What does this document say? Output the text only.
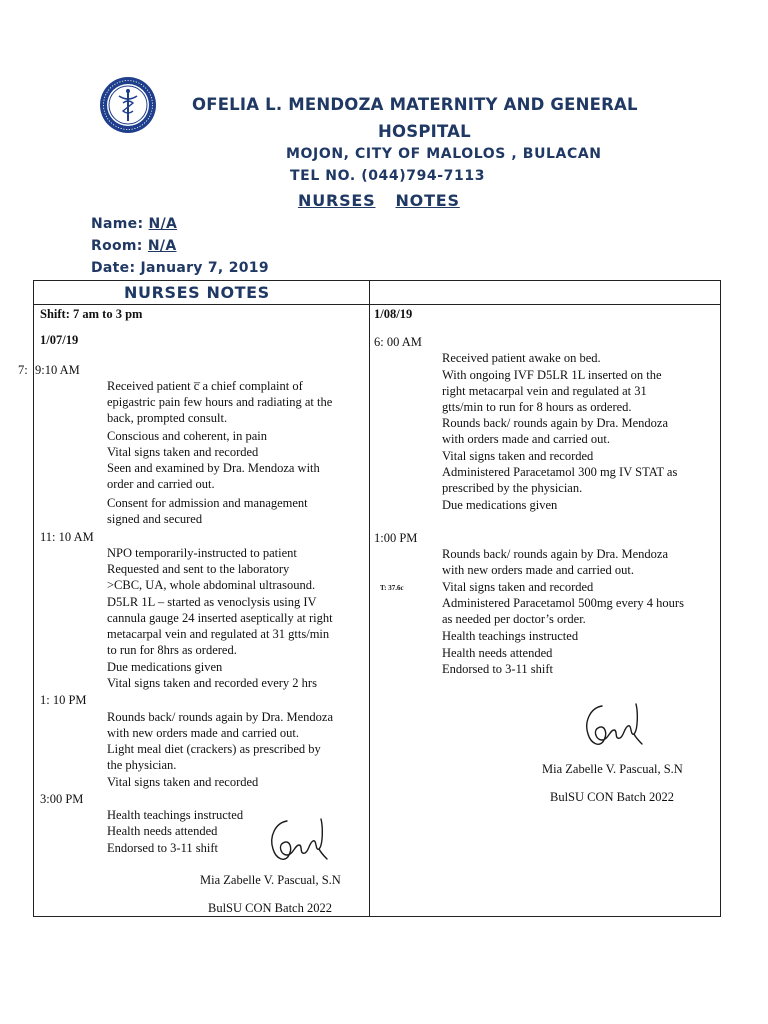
OFELIA L. MENDOZA MATERNITY AND GENERAL
HOSPITAL
MOJON, CITY OF MALOLOS , BULACAN
TEL NO. (044)794-7113
NURSES NOTES
Name: N/A
Room: N/A
Date: January 7, 2019
NURSES NOTES
Shift: 7 am to 3 pm
1/07/19
7: 9:10 AM
Received patient c̅ a chief complaint of
epigastric pain few hours and radiating at the
back, prompted consult.
Conscious and coherent, in pain
Vital signs taken and recorded
Seen and examined by Dra. Mendoza with
order and carried out.
Consent for admission and management
signed and secured
11: 10 AM
NPO temporarily-instructed to patient
Requested and sent to the laboratory
>CBC, UA, whole abdominal ultrasound.
D5LR 1L – started as venoclysis using IV
cannula gauge 24 inserted aseptically at right
metacarpal vein and regulated at 31 gtts/min
to run for 8hrs as ordered.
Due medications given
Vital signs taken and recorded every 2 hrs
1: 10 PM
Rounds back/ rounds again by Dra. Mendoza
with new orders made and carried out.
Light meal diet (crackers) as prescribed by
the physician.
Vital signs taken and recorded
3:00 PM
Health teachings instructed
Health needs attended
Endorsed to 3-11 shift
Mia Zabelle V. Pascual, S.N
BulSU CON Batch 2022
1/08/19
6: 00 AM
Received patient awake on bed.
With ongoing IVF D5LR 1L inserted on the
right metacarpal vein and regulated at 31
gtts/min to run for 8 hours as ordered.
Rounds back/ rounds again by Dra. Mendoza
with orders made and carried out.
Vital signs taken and recorded
Administered Paracetamol 300 mg IV STAT as
prescribed by the physician.
Due medications given
1:00 PM
Rounds back/ rounds again by Dra. Mendoza
with new orders made and carried out.
T: 37.6c	Vital signs taken and recorded
Administered Paracetamol 500mg every 4 hours
as needed per doctor’s order.
Health teachings instructed
Health needs attended
Endorsed to 3-11 shift
Mia Zabelle V. Pascual, S.N
BulSU CON Batch 2022
